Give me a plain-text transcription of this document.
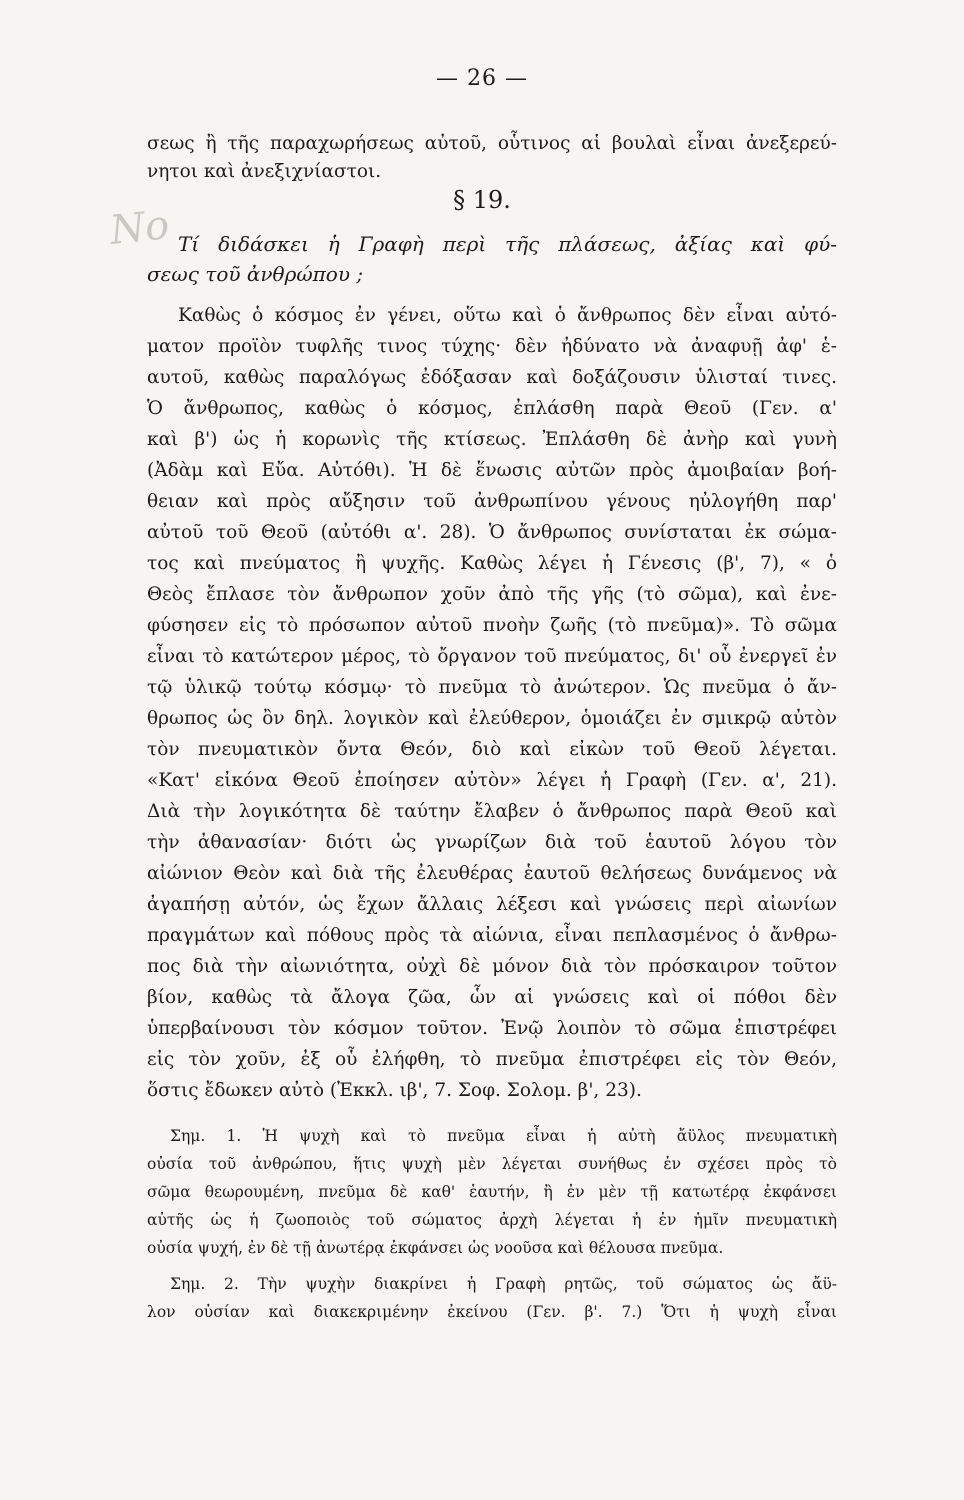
— 26 —
No
σεως ἢ τῆς παραχωρήσεως αὐτοῦ, οὗτινος αἱ βουλαὶ εἶναι ἀνεξερεύ-
νητοι καὶ ἀνεξιχνίαστοι.
§ 19.
Τί διδάσκει ἡ Γραφὴ περὶ τῆς πλάσεως, ἀξίας καὶ φύ-
σεως τοῦ ἀνθρώπου ;
Καθὼς ὁ κόσμος ἐν γένει, οὕτω καὶ ὁ ἄνθρωπος δὲν εἶναι αὐτό-
ματον προϊὸν τυφλῆς τινος τύχης· δὲν ἠδύνατο νὰ ἀναφυῇ ἀφ' ἑ-
αυτοῦ, καθὼς παραλόγως ἐδόξασαν καὶ δοξάζουσιν ὑλισταί τινες.
Ὁ ἄνθρωπος, καθὼς ὁ κόσμος, ἐπλάσθη παρὰ Θεοῦ (Γεν. α'
καὶ β') ὡς ἡ κορωνὶς τῆς κτίσεως. Ἐπλάσθη δὲ ἀνὴρ καὶ γυνὴ
(Ἀδὰμ καὶ Εὔα. Αὐτόθι). Ἡ δὲ ἕνωσις αὐτῶν πρὸς ἀμοιβαίαν βοή-
θειαν καὶ πρὸς αὔξησιν τοῦ ἀνθρωπίνου γένους ηὐλογήθη παρ'
αὐτοῦ τοῦ Θεοῦ (αὐτόθι α'. 28). Ὁ ἄνθρωπος συνίσταται ἐκ σώμα-
τος καὶ πνεύματος ἢ ψυχῆς. Καθὼς λέγει ἡ Γένεσις (β', 7), « ὁ
Θεὸς ἔπλασε τὸν ἄνθρωπον χοῦν ἀπὸ τῆς γῆς (τὸ σῶμα), καὶ ἐνε-
φύσησεν εἰς τὸ πρόσωπον αὐτοῦ πνοὴν ζωῆς (τὸ πνεῦμα)». Τὸ σῶμα
εἶναι τὸ κατώτερον μέρος, τὸ ὄργανον τοῦ πνεύματος, δι' οὗ ἐνεργεῖ ἐν
τῷ ὑλικῷ τούτῳ κόσμῳ· τὸ πνεῦμα τὸ ἀνώτερον. Ὡς πνεῦμα ὁ ἄν-
θρωπος ὡς ὂν δηλ. λογικὸν καὶ ἐλεύθερον, ὁμοιάζει ἐν σμικρῷ αὐτὸν
τὸν πνευματικὸν ὄντα Θεόν, διὸ καὶ εἰκὼν τοῦ Θεοῦ λέγεται.
«Κατ' εἰκόνα Θεοῦ ἐποίησεν αὐτὸν» λέγει ἡ Γραφὴ (Γεν. α', 21).
Διὰ τὴν λογικότητα δὲ ταύτην ἔλαβεν ὁ ἄνθρωπος παρὰ Θεοῦ καὶ
τὴν ἀθανασίαν· διότι ὡς γνωρίζων διὰ τοῦ ἑαυτοῦ λόγου τὸν
αἰώνιον Θεὸν καὶ διὰ τῆς ἐλευθέρας ἑαυτοῦ θελήσεως δυνάμενος νὰ
ἀγαπήσῃ αὐτόν, ὡς ἔχων ἄλλαις λέξεσι καὶ γνώσεις περὶ αἰωνίων
πραγμάτων καὶ πόθους πρὸς τὰ αἰώνια, εἶναι πεπλασμένος ὁ ἄνθρω-
πος διὰ τὴν αἰωνιότητα, οὐχὶ δὲ μόνον διὰ τὸν πρόσκαιρον τοῦτον
βίον, καθὼς τὰ ἄλογα ζῶα, ὧν αἱ γνώσεις καὶ οἱ πόθοι δὲν
ὑπερβαίνουσι τὸν κόσμον τοῦτον. Ἐνῷ λοιπὸν τὸ σῶμα ἐπιστρέφει
εἰς τὸν χοῦν, ἐξ οὗ ἐλήφθη, τὸ πνεῦμα ἐπιστρέφει εἰς τὸν Θεόν,
ὅστις ἔδωκεν αὐτὸ (Ἐκκλ. ιβ', 7. Σοφ. Σολομ. β', 23).
Σημ. 1. Ἡ ψυχὴ καὶ τὸ πνεῦμα εἶναι ἡ αὐτὴ ἄϋλος πνευματικὴ
οὐσία τοῦ ἀνθρώπου, ἥτις ψυχὴ μὲν λέγεται συνήθως ἐν σχέσει πρὸς τὸ
σῶμα θεωρουμένη, πνεῦμα δὲ καθ' ἑαυτήν, ἢ ἐν μὲν τῇ κατωτέρᾳ ἐκφάνσει
αὐτῆς ὡς ἡ ζωοποιὸς τοῦ σώματος ἀρχὴ λέγεται ἡ ἐν ἡμῖν πνευματικὴ
οὐσία ψυχή, ἐν δὲ τῇ ἀνωτέρᾳ ἐκφάνσει ὡς νοοῦσα καὶ θέλουσα πνεῦμα.
Σημ. 2. Τὴν ψυχὴν διακρίνει ἡ Γραφὴ ρητῶς, τοῦ σώματος ὡς ἄϋ-
λον οὐσίαν καὶ διακεκριμένην ἐκείνου (Γεν. β'. 7.) Ὅτι ἡ ψυχὴ εἶναι
